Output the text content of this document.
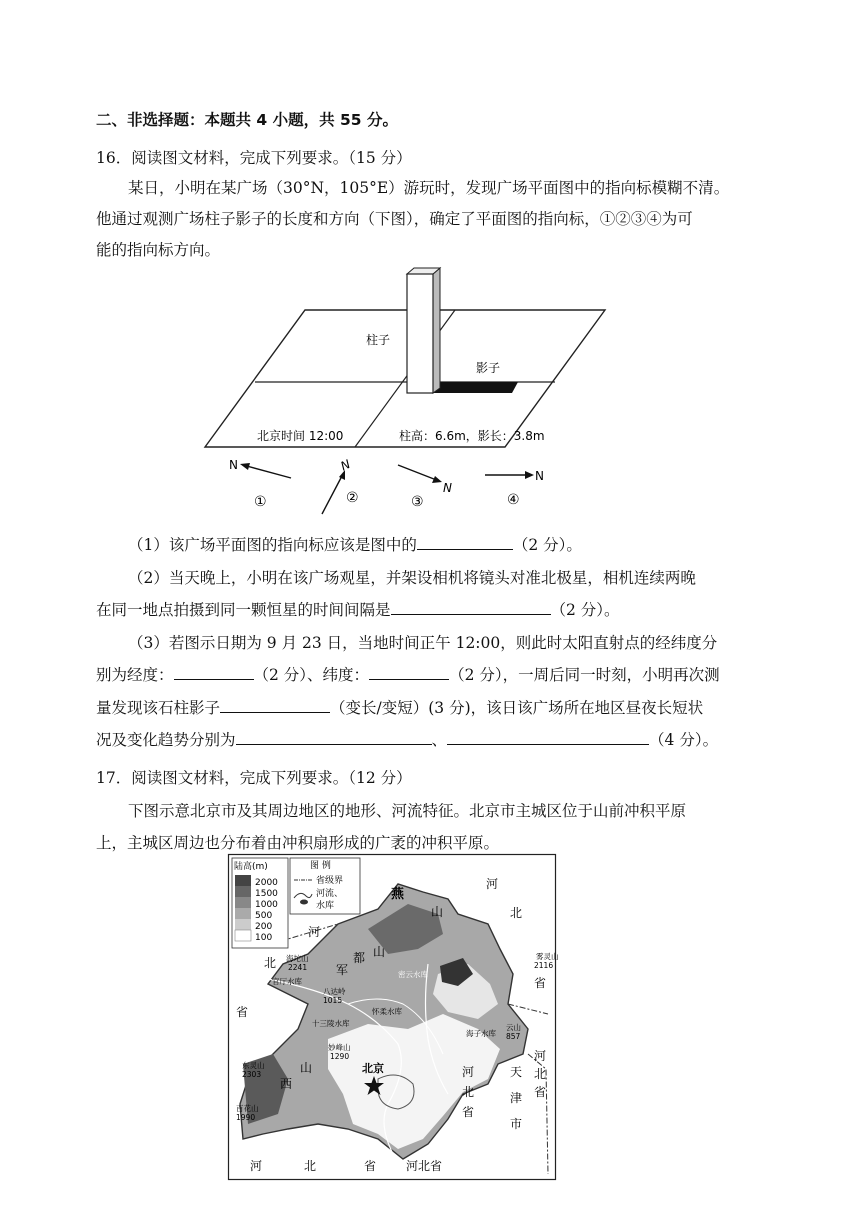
二、非选择题：本题共 4 小题，共 55 分。
16．阅读图文材料，完成下列要求。（15 分）
某日，小明在某广场（30°N，105°E）游玩时，发现广场平面图中的指向标模糊不清。
他通过观测广场柱子影子的长度和方向（下图），确定了平面图的指向标，①②③④为可
能的指向标方向。
柱子
影子
北京时间 12:00	柱高：6.6m，影长：3.8m
N
①
N
②
N
③
N
④
（1）该广场平面图的指向标应该是图中的	（2 分）。
（2）当天晚上，小明在该广场观星，并架设相机将镜头对准北极星，相机连续两晚
在同一地点拍摄到同一颗恒星的时间间隔是	（2 分）。
（3）若图示日期为 9 月 23 日，当地时间正午 12:00，则此时太阳直射点的经纬度分
别为经度：	（2 分）、纬度：	（2 分），一周后同一时刻，小明再次测
量发现该石柱影子	（变长/变短）(3 分)，该日该广场所在地区昼夜长短状
况及变化趋势分别为	、	（4 分）。
17．阅读图文材料，完成下列要求。（12 分）
下图示意北京市及其周边地区的地形、河流特征。北京市主城区位于山前冲积平原
上，主城区周边也分布着由冲积扇形成的广袤的冲积平原。
陆高(m)
2000
1500
1000
500
200
100
图 例
省级界
河流、
水库
燕
山
军
都 山
西
山
河
北
省
河
北
省
河	北	省 河北省
河
北
省
河
北
省
天
津
市
海坨山
2241
雾灵山
2116
八达岭
1015
东灵山
2303
百花山
1990
妙峰山
1290
云山
857
密云水库
官厅水库
怀柔水库
十三陵水库
海子水库
北京
